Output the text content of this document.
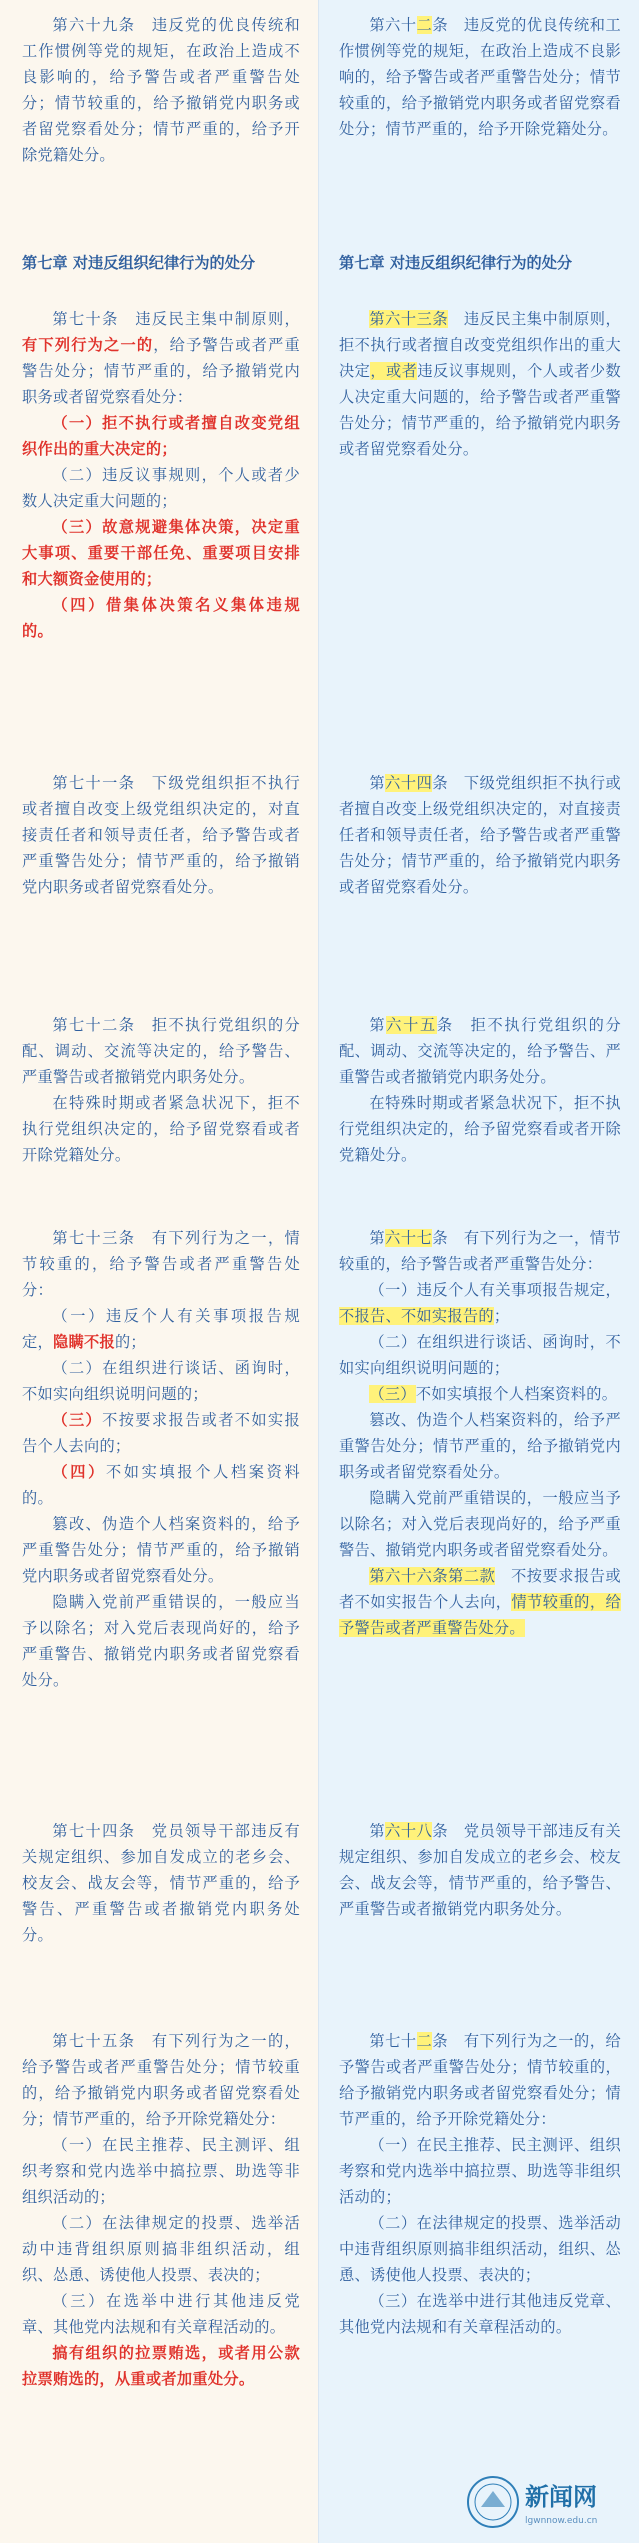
第六十九条　 违反党的优良传统和工作惯例等党的规矩，在政治上造成不良影响的，给予警告或者严重警告处分；情节较重的，给予撤销党内职务或者留党察看处分；情节严重的，给予开除党籍处分。

第七章 对违反组织纪律行为的处分

第七十条　 违反民主集中制原则，有下列行为之一的，给予警告或者严重警告处分；情节严重的，给予撤销党内职务或者留党察看处分：

（一）拒不执行或者擅自改变党组织作出的重大决定的；

（二）违反议事规则，个人或者少数人决定重大问题的；

（三）故意规避集体决策，决定重大事项、重要干部任免、重要项目安排和大额资金使用的；

（四）借集体决策名义集体违规的。

第七十一条　 下级党组织拒不执行或者擅自改变上级党组织决定的，对直接责任者和领导责任者，给予警告或者严重警告处分；情节严重的，给予撤销党内职务或者留党察看处分。

第七十二条　 拒不执行党组织的分配、调动、交流等决定的，给予警告、严重警告或者撤销党内职务处分。

在特殊时期或者紧急状况下，拒不执行党组织决定的，给予留党察看或者开除党籍处分。

第七十三条　 有下列行为之一，情节较重的，给予警告或者严重警告处分：

（一）违反个人有关事项报告规定，隐瞒不报的；

（二）在组织进行谈话、函询时，不如实向组织说明问题的；

（三）不按要求报告或者不如实报告个人去向的；

（四）不如实填报个人档案资料的。

篡改、伪造个人档案资料的，给予严重警告处分；情节严重的，给予撤销党内职务或者留党察看处分。

隐瞒入党前严重错误的，一般应当予以除名；对入党后表现尚好的，给予严重警告、撤销党内职务或者留党察看处分。

第七十四条　 党员领导干部违反有关规定组织、参加自发成立的老乡会、校友会、战友会等，情节严重的，给予警告、严重警告或者撤销党内职务处分。

第七十五条　 有下列行为之一的，给予警告或者严重警告处分；情节较重的，给予撤销党内职务或者留党察看处分；情节严重的，给予开除党籍处分：

（一）在民主推荐、民主测评、组织考察和党内选举中搞拉票、助选等非组织活动的；

（二）在法律规定的投票、选举活动中违背组织原则搞非组织活动，组织、怂恿、诱使他人投票、表决的；

（三）在选举中进行其他违反党章、其他党内法规和有关章程活动的。

搞有组织的拉票贿选，或者用公款拉票贿选的，从重或者加重处分。

第六十二条　 违反党的优良传统和工作惯例等党的规矩，在政治上造成不良影响的，给予警告或者严重警告处分；情节较重的，给予撤销党内职务或者留党察看处分；情节严重的，给予开除党籍处分。

第七章 对违反组织纪律行为的处分

第六十三条　 违反民主集中制原则，拒不执行或者擅自改变党组织作出的重大决定，或者违反议事规则，个人或者少数人决定重大问题的，给予警告或者严重警告处分；情节严重的，给予撤销党内职务或者留党察看处分。

第六十四条　 下级党组织拒不执行或者擅自改变上级党组织决定的，对直接责任者和领导责任者，给予警告或者严重警告处分；情节严重的，给予撤销党内职务或者留党察看处分。

第六十五条　 拒不执行党组织的分配、调动、交流等决定的，给予警告、严重警告或者撤销党内职务处分。

在特殊时期或者紧急状况下，拒不执行党组织决定的，给予留党察看或者开除党籍处分。

第六十七条　 有下列行为之一，情节较重的，给予警告或者严重警告处分：

（一）违反个人有关事项报告规定，不报告、不如实报告的；

（二）在组织进行谈话、函询时，不如实向组织说明问题的；

（三）不如实填报个人档案资料的。

篡改、伪造个人档案资料的，给予严重警告处分；情节严重的，给予撤销党内职务或者留党察看处分。

隐瞒入党前严重错误的，一般应当予以除名；对入党后表现尚好的，给予严重警告、撤销党内职务或者留党察看处分。

第六十六条第二款　 不按要求报告或者不如实报告个人去向，情节较重的，给予警告或者严重警告处分。

第六十八条　 党员领导干部违反有关规定组织、参加自发成立的老乡会、校友会、战友会等，情节严重的，给予警告、严重警告或者撤销党内职务处分。

第七十二条　 有下列行为之一的，给予警告或者严重警告处分；情节较重的，给予撤销党内职务或者留党察看处分；情节严重的，给予开除党籍处分：

（一）在民主推荐、民主测评、组织考察和党内选举中搞拉票、助选等非组织活动的；

（二）在法律规定的投票、选举活动中违背组织原则搞非组织活动，组织、怂恿、诱使他人投票、表决的；

（三）在选举中进行其他违反党章、其他党内法规和有关章程活动的。

新闻网
lgwnnow.edu.cn
